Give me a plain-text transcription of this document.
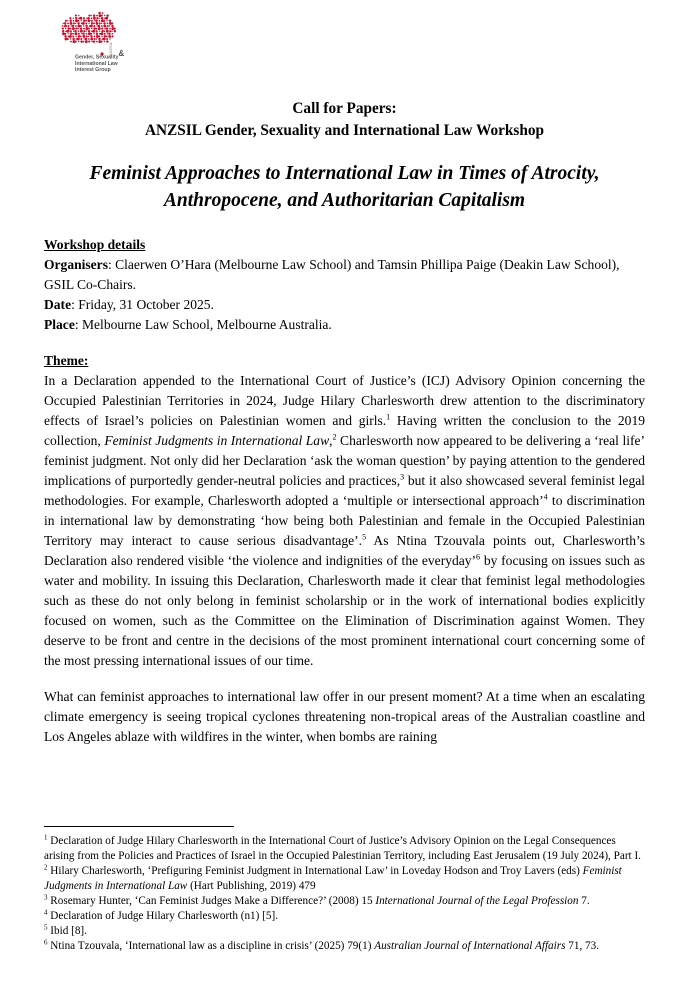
ANZSIL
Gender, Sexuality&
International Law
Interest Group
Call for Papers:
ANZSIL Gender, Sexuality and International Law Workshop
Feminist Approaches to International Law in Times of Atrocity,
Anthropocene, and Authoritarian Capitalism

Workshop details

Organisers: Claerwen O’Hara (Melbourne Law School) and Tamsin Phillipa Paige (Deakin Law School), GSIL Co-Chairs.

Date: Friday, 31 October 2025.

Place: Melbourne Law School, Melbourne Australia.

Theme:

In a Declaration appended to the International Court of Justice’s (ICJ) Advisory Opinion concerning the Occupied Palestinian Territories in 2024, Judge Hilary Charlesworth drew attention to the discriminatory effects of Israel’s policies on Palestinian women and girls.$^1$ Having written the conclusion to the 2019 collection, Feminist Judgments in International Law,$^2$ Charlesworth now appeared to be delivering a ‘real life’ feminist judgment. Not only did her Declaration ‘ask the woman question’ by paying attention to the gendered implications of purportedly gender-neutral policies and practices,$^3$ but it also showcased several feminist legal methodologies. For example, Charlesworth adopted a ‘multiple or intersectional approach’$^4$ to discrimination in international law by demonstrating ‘how being both Palestinian and female in the Occupied Palestinian Territory may interact to cause serious disadvantage’.$^5$ As Ntina Tzouvala points out, Charlesworth’s Declaration also rendered visible ‘the violence and indignities of the everyday’$^6$ by focusing on issues such as water and mobility. In issuing this Declaration, Charlesworth made it clear that feminist legal methodologies such as these do not only belong in feminist scholarship or in the work of international bodies explicitly focused on women, such as the Committee on the Elimination of Discrimination against Women. They deserve to be front and centre in the decisions of the most prominent international court concerning some of the most pressing international issues of our time.

What can feminist approaches to international law offer in our present moment? At a time when an escalating climate emergency is seeing tropical cyclones threatening non-tropical areas of the Australian coastline and Los Angeles ablaze with wildfires in the winter, when bombs are raining

$^1$ Declaration of Judge Hilary Charlesworth in the International Court of Justice’s Advisory Opinion on the Legal Consequences arising from the Policies and Practices of Israel in the Occupied Palestinian Territory, including East Jerusalem (19 July 2024), Part I.

$^2$ Hilary Charlesworth, ‘Prefiguring Feminist Judgment in International Law’ in Loveday Hodson and Troy Lavers (eds) Feminist Judgments in International Law (Hart Publishing, 2019) 479

$^3$ Rosemary Hunter, ‘Can Feminist Judges Make a Difference?’ (2008) 15 International Journal of the Legal Profession 7.

$^4$ Declaration of Judge Hilary Charlesworth (n1) [5].

$^5$ Ibid [8].

$^6$ Ntina Tzouvala, ‘International law as a discipline in crisis’ (2025) 79(1) Australian Journal of International Affairs 71, 73.
